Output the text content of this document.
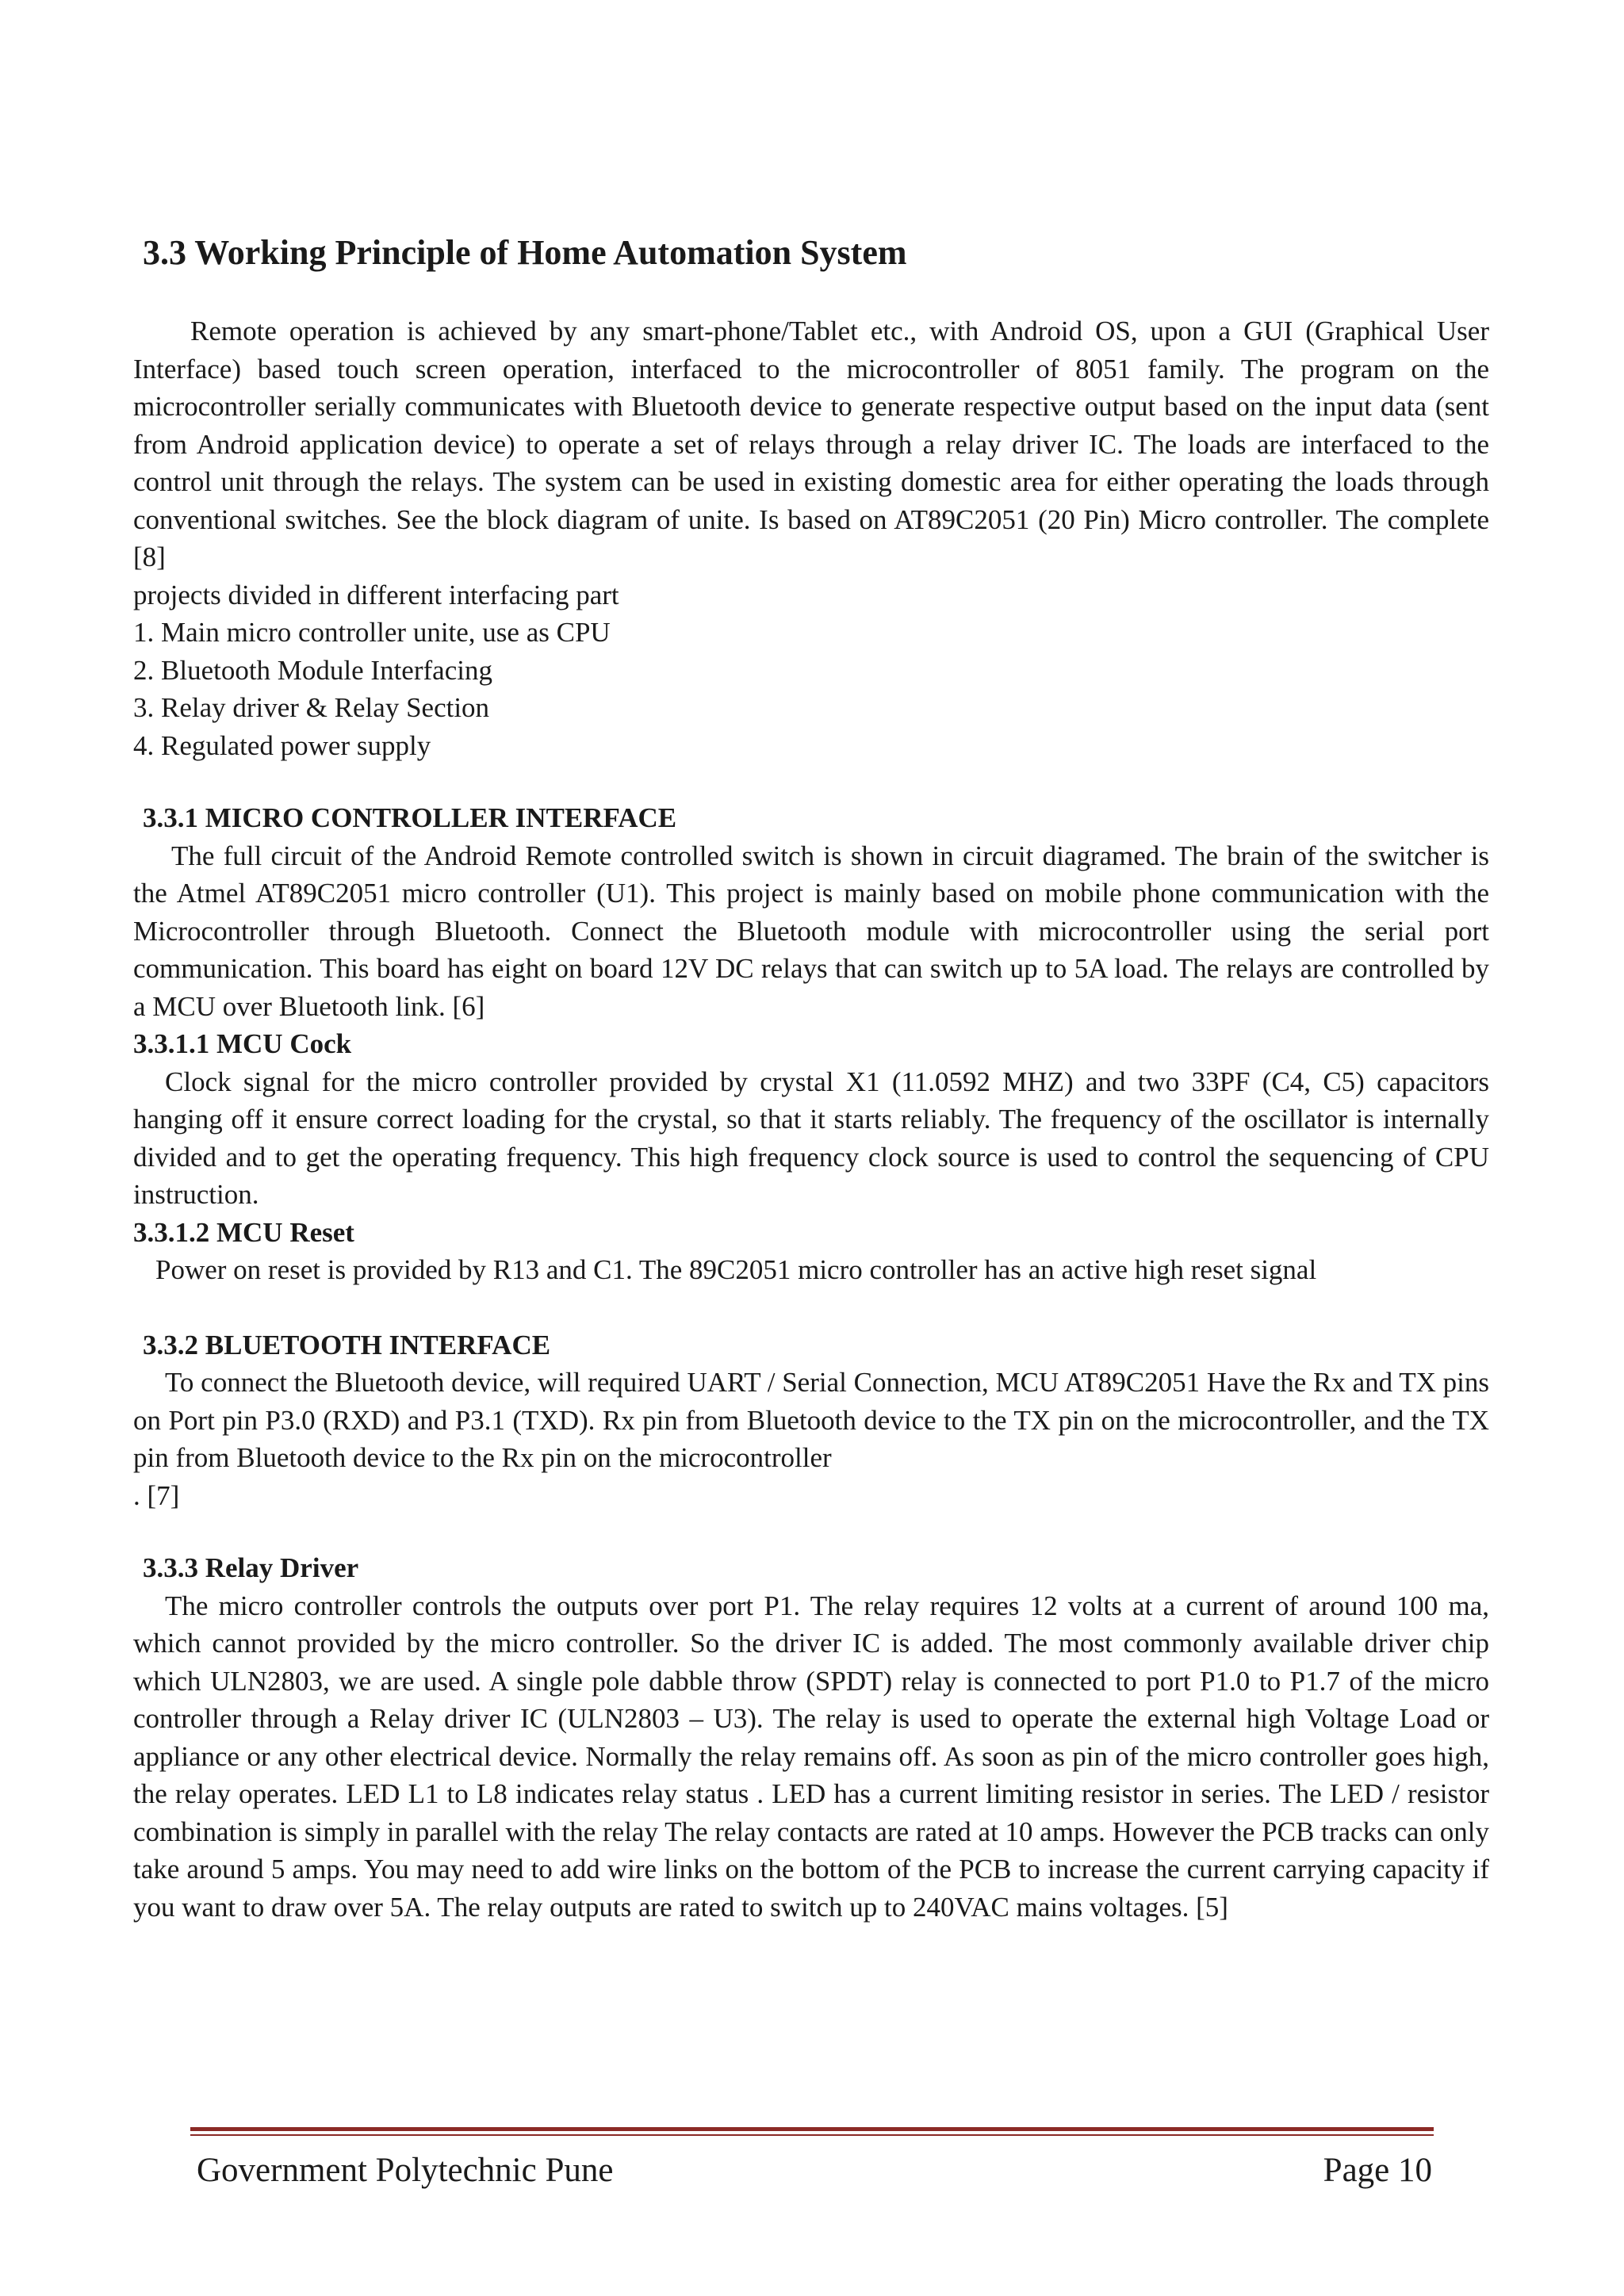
3.3 Working Principle of Home Automation System

Remote operation is achieved by any smart-phone/Tablet etc., with Android OS, upon a GUI (Graphical User Interface) based touch screen operation, interfaced to the microcontroller of 8051 family. The program on the microcontroller serially communicates with Bluetooth device to generate respective output based on the input data (sent from Android application device) to operate a set of relays through a relay driver IC. The loads are interfaced to the control unit through the relays. The system can be used in existing domestic area for either operating the loads through conventional switches. See the block diagram of unite. Is based on AT89C2051 (20 Pin) Micro controller. The complete [8]

projects divided in different interfacing part

1. Main micro controller unite, use as CPU
2. Bluetooth Module Interfacing
3. Relay driver & Relay Section
4. Regulated power supply
3.3.1 MICRO CONTROLLER INTERFACE

The full circuit of the Android Remote controlled switch is shown in circuit diagramed. The brain of the switcher is the Atmel AT89C2051 micro controller (U1). This project is mainly based on mobile phone communication with the Microcontroller through Bluetooth. Connect the Bluetooth module with microcontroller using the serial port communication. This board has eight on board 12V DC relays that can switch up to 5A load. The relays are controlled by a MCU over Bluetooth link. [6]

3.3.1.1 MCU Cock

Clock signal for the micro controller provided by crystal X1 (11.0592 MHZ) and two 33PF (C4, C5) capacitors hanging off it ensure correct loading for the crystal, so that it starts reliably. The frequency of the oscillator is internally divided and to get the operating frequency. This high frequency clock source is used to control the sequencing of CPU instruction.

3.3.1.2 MCU Reset

Power on reset is provided by R13 and C1. The 89C2051 micro controller has an active high reset signal

3.3.2 BLUETOOTH INTERFACE

To connect the Bluetooth device, will required UART / Serial Connection, MCU AT89C2051 Have the Rx and TX pins on Port pin P3.0 (RXD) and P3.1 (TXD). Rx pin from Bluetooth device to the TX pin on the microcontroller, and the TX pin from Bluetooth device to the Rx pin on the microcontroller

. [7]

3.3.3 Relay Driver

The micro controller controls the outputs over port P1. The relay requires 12 volts at a current of around 100 ma, which cannot provided by the micro controller. So the driver IC is added. The most commonly available driver chip which ULN2803, we are used. A single pole dabble throw (SPDT) relay is connected to port P1.0 to P1.7 of the micro controller through a Relay driver IC (ULN2803 – U3). The relay is used to operate the external high Voltage Load or appliance or any other electrical device. Normally the relay remains off. As soon as pin of the micro controller goes high, the relay operates. LED L1 to L8 indicates relay status . LED has a current limiting resistor in series. The LED / resistor combination is simply in parallel with the relay The relay contacts are rated at 10 amps. However the PCB tracks can only take around 5 amps. You may need to add wire links on the bottom of the PCB to increase the current carrying capacity if you want to draw over 5A. The relay outputs are rated to switch up to 240VAC mains voltages. [5]

Government Polytechnic Pune	Page 10
